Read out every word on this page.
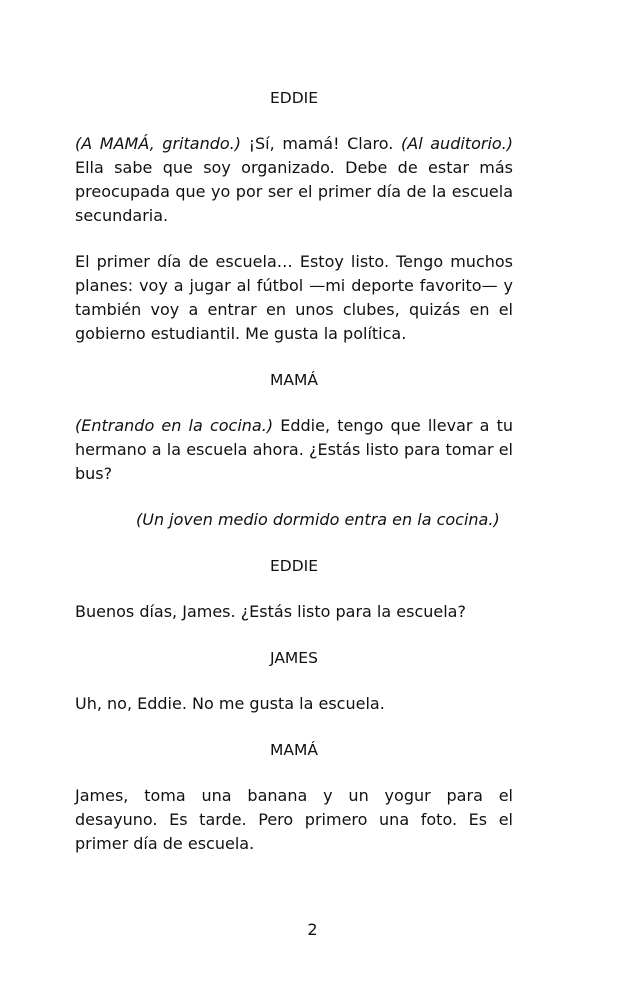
EDDIE

(A MAMÁ, gritando.) ¡Sí, mamá! Claro. (Al auditorio.) Ella sabe que soy organizado. Debe de estar más preocupada que yo por ser el primer día de la escuela secundaria.

El primer día de escuela… Estoy listo. Tengo muchos planes: voy a jugar al fútbol —mi deporte favorito— y también voy a entrar en unos clubes, quizás en el gobierno estudiantil. Me gusta la política.

MAMÁ

(Entrando en la cocina.) Eddie, tengo que llevar a tu hermano a la escuela ahora. ¿Estás listo para tomar el bus?

(Un joven medio dormido entra en la cocina.)

EDDIE

Buenos días, James. ¿Estás listo para la escuela?

JAMES

Uh, no, Eddie. No me gusta la escuela.

MAMÁ

James, toma una banana y un yogur para el desayuno. Es tarde. Pero primero una foto. Es el primer día de escuela.

2
